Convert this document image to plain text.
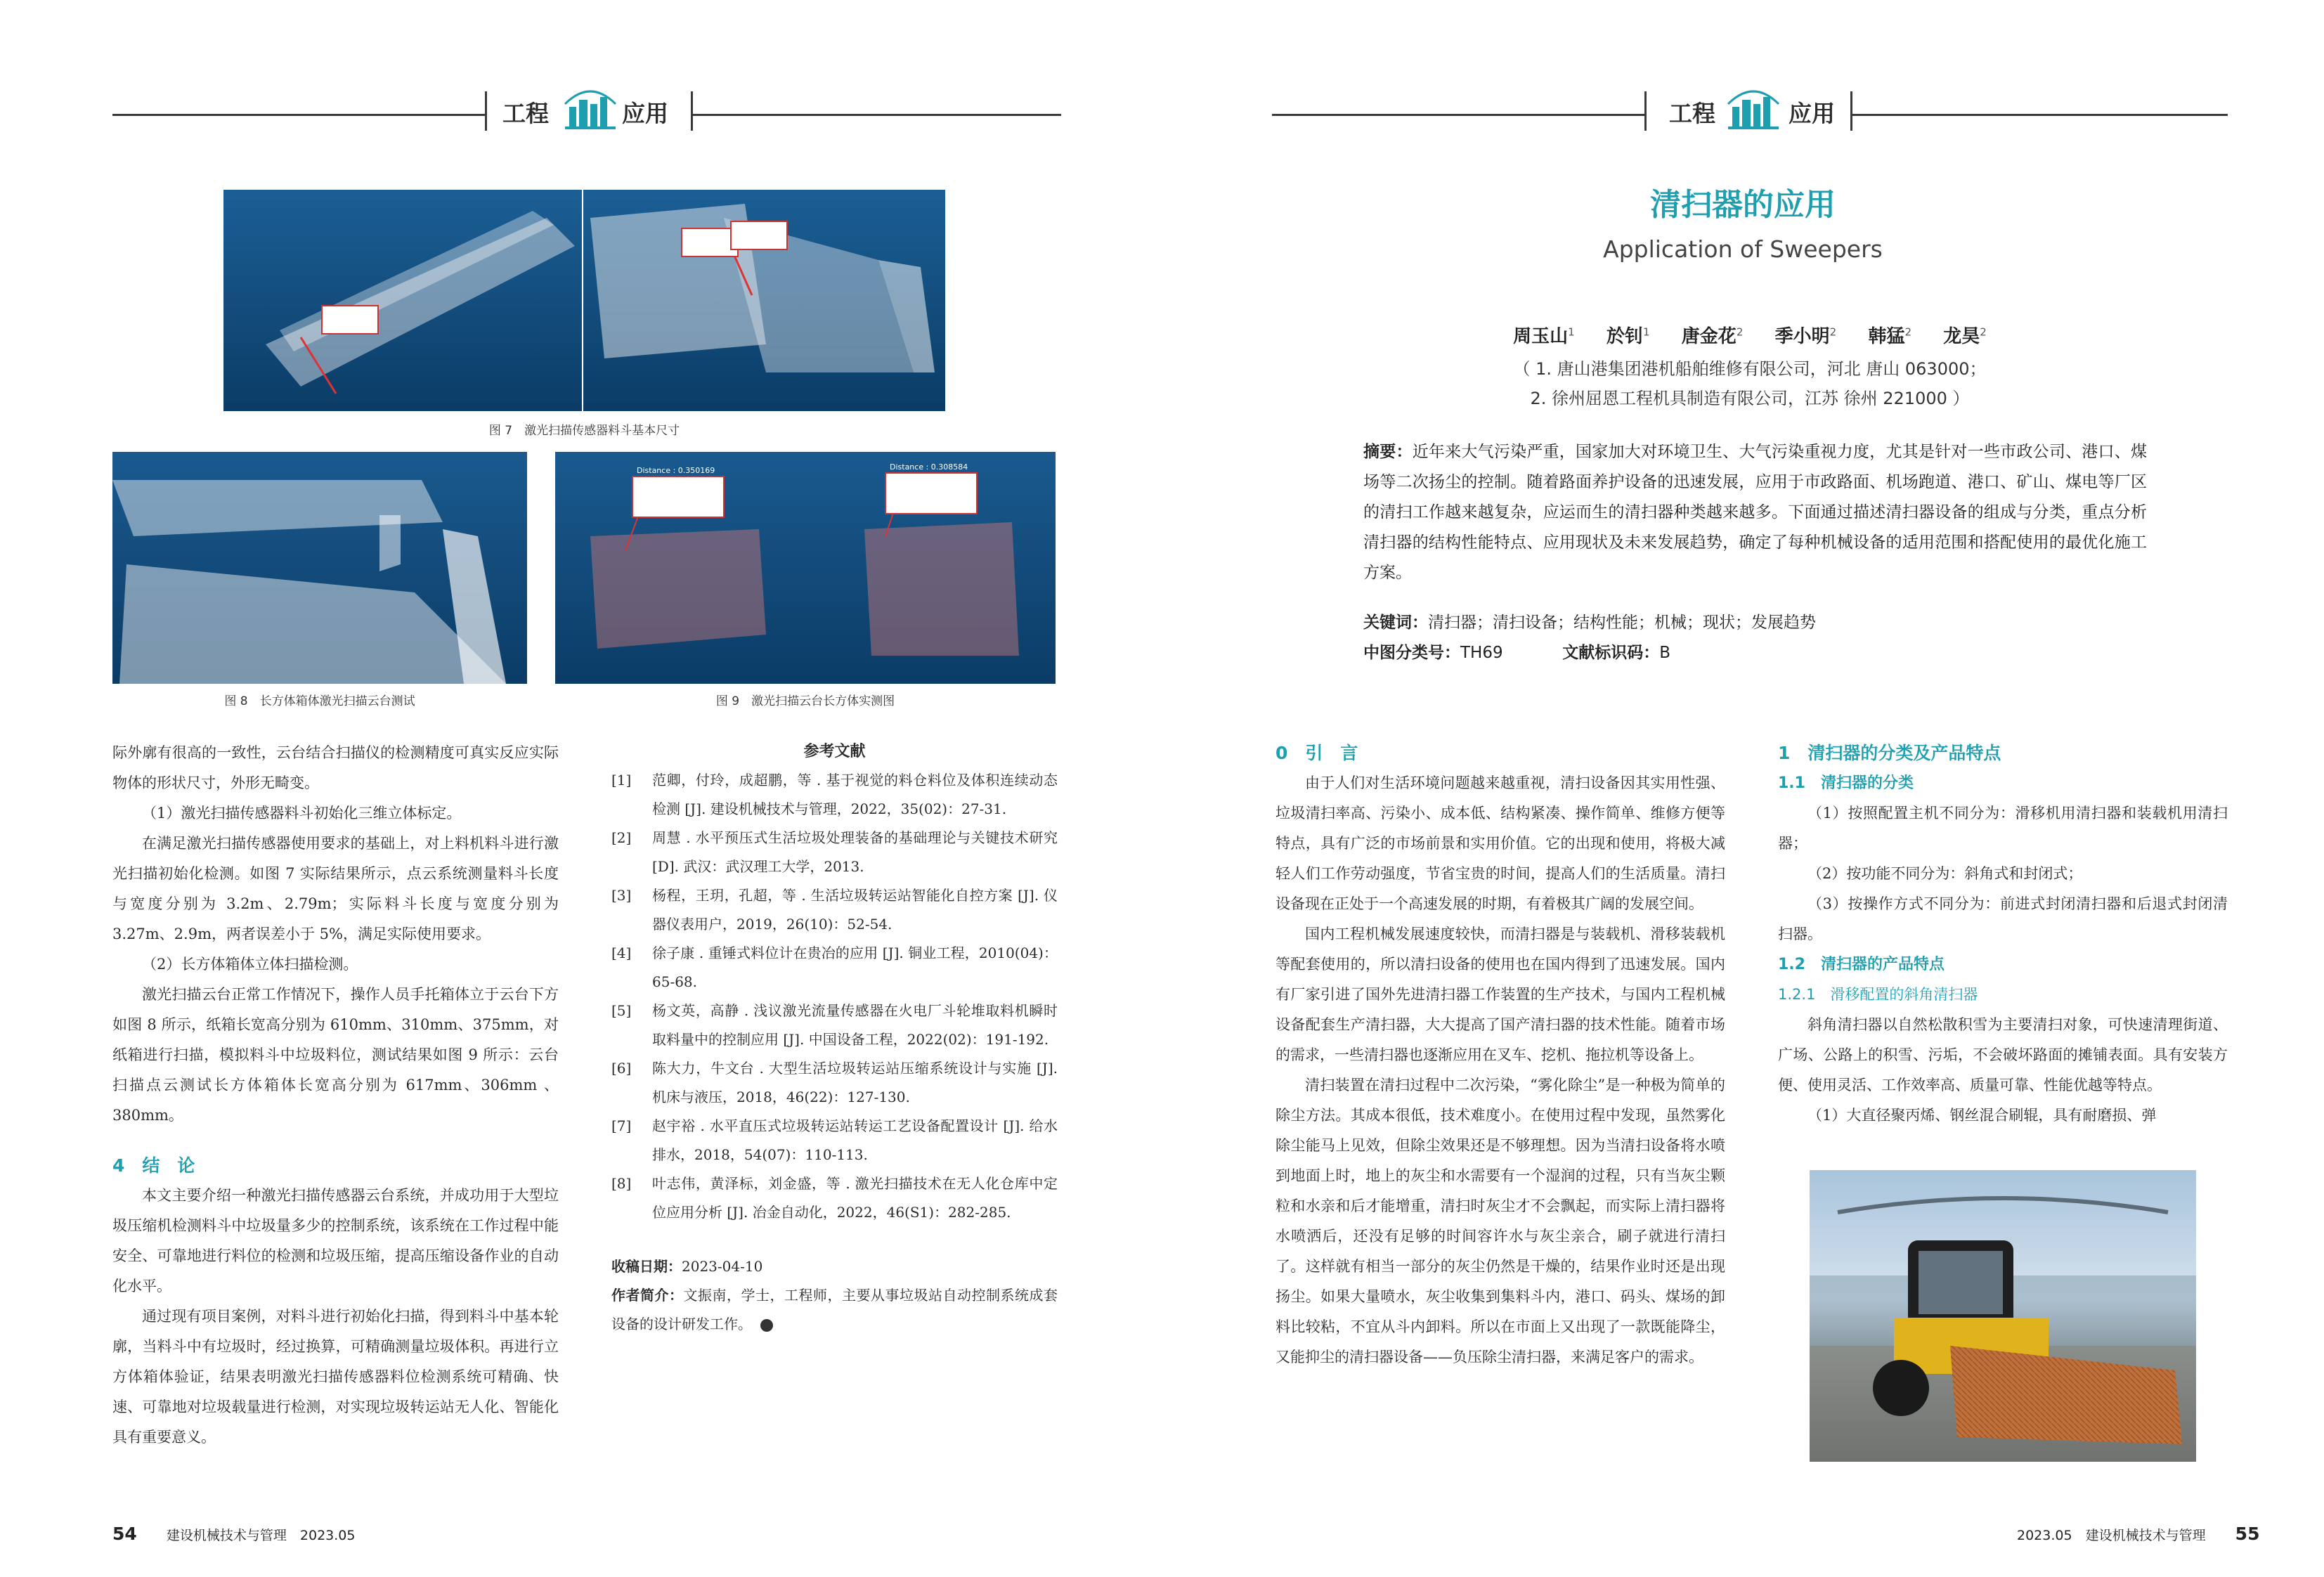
工程	应用	工程	应用
图 7　激光扫描传感器料斗基本尺寸
图 8　长方体箱体激光扫描云台测试
Distance : 0.350169	Distance : 0.308584
图 9　激光扫描云台长方体实测图

际外廓有很高的一致性，云台结合扫描仪的检测精度可真实反应实际物体的形状尺寸，外形无畸变。

（1）激光扫描传感器料斗初始化三维立体标定。

在满足激光扫描传感器使用要求的基础上，对上料机料斗进行激光扫描初始化检测。如图 7 实际结果所示，点云系统测量料斗长度与宽度分别为 3.2m、2.79m；实际料斗长度与宽度分别为 3.27m、2.9m，两者误差小于 5%，满足实际使用要求。

（2）长方体箱体立体扫描检测。

激光扫描云台正常工作情况下，操作人员手托箱体立于云台下方如图 8 所示，纸箱长宽高分别为 610mm、310mm、375mm，对纸箱进行扫描，模拟料斗中垃圾料位，测试结果如图 9 所示：云台扫描点云测试长方体箱体长宽高分别为 617mm、306mm 、380mm。

4　结　论

本文主要介绍一种激光扫描传感器云台系统，并成功用于大型垃圾压缩机检测料斗中垃圾量多少的控制系统，该系统在工作过程中能安全、可靠地进行料位的检测和垃圾压缩，提高压缩设备作业的自动化水平。

通过现有项目案例，对料斗进行初始化扫描，得到料斗中基本轮廓，当料斗中有垃圾时，经过换算，可精确测量垃圾体积。再进行立方体箱体验证，结果表明激光扫描传感器料位检测系统可精确、快速、可靠地对垃圾载量进行检测，对实现垃圾转运站无人化、智能化具有重要意义。

参考文献
[1]	范卿，付玲，成超鹏，等 . 基于视觉的料仓料位及体积连续动态检测 [J]. 建设机械技术与管理，2022，35(02)：27-31.
[2]	周慧 . 水平预压式生活垃圾处理装备的基础理论与关键技术研究 [D]. 武汉：武汉理工大学，2013.
[3]	杨程，王玥，孔超，等 . 生活垃圾转运站智能化自控方案 [J]. 仪器仪表用户，2019，26(10)：52-54.
[4]	徐子康 . 重锤式料位计在贵冶的应用 [J]. 铜业工程，2010(04)：65-68.
[5]	杨文英，高静 . 浅议激光流量传感器在火电厂斗轮堆取料机瞬时取料量中的控制应用 [J]. 中国设备工程，2022(02)：191-192.
[6]	陈大力，牛文台 . 大型生活垃圾转运站压缩系统设计与实施 [J]. 机床与液压，2018，46(22)：127-130.
[7]	赵宇裕 . 水平直压式垃圾转运站转运工艺设备配置设计 [J]. 给水排水，2018，54(07)：110-113.
[8]	叶志伟，黄泽标，刘金盛，等 . 激光扫描技术在无人化仓库中定位应用分析 [J]. 冶金自动化，2022，46(S1)：282-285.
收稿日期：2023-04-10
作者简介：文振南，学士，工程师，主要从事垃圾站自动控制系统成套设备的设计研发工作。
清扫器的应用
Application of Sweepers
周玉山$^1$ 於钊$^1$ 唐金花$^2$ 季小明$^2$ 韩猛$^2$ 龙昊$^2$
（ 1. 唐山港集团港机船舶维修有限公司，河北 唐山 063000；
2. 徐州屈恩工程机具制造有限公司，江苏 徐州 221000 ）
摘要：近年来大气污染严重，国家加大对环境卫生、大气污染重视力度，尤其是针对一些市政公司、港口、煤场等二次扬尘的控制。随着路面养护设备的迅速发展，应用于市政路面、机场跑道、港口、矿山、煤电等厂区的清扫工作越来越复杂，应运而生的清扫器种类越来越多。下面通过描述清扫器设备的组成与分类，重点分析清扫器的结构性能特点、应用现状及未来发展趋势，确定了每种机械设备的适用范围和搭配使用的最优化施工方案。
关键词：清扫器；清扫设备；结构性能；机械；现状；发展趋势
中图分类号：TH69	文献标识码：B

0　引　言

由于人们对生活环境问题越来越重视，清扫设备因其实用性强、垃圾清扫率高、污染小、成本低、结构紧凑、操作简单、维修方便等特点，具有广泛的市场前景和实用价值。它的出现和使用，将极大减轻人们工作劳动强度，节省宝贵的时间，提高人们的生活质量。清扫设备现在正处于一个高速发展的时期，有着极其广阔的发展空间。

国内工程机械发展速度较快，而清扫器是与装载机、滑移装载机等配套使用的，所以清扫设备的使用也在国内得到了迅速发展。国内有厂家引进了国外先进清扫器工作装置的生产技术，与国内工程机械设备配套生产清扫器，大大提高了国产清扫器的技术性能。随着市场的需求，一些清扫器也逐渐应用在叉车、挖机、拖拉机等设备上。

清扫装置在清扫过程中二次污染，“雾化除尘”是一种极为简单的除尘方法。其成本很低，技术难度小。在使用过程中发现，虽然雾化除尘能马上见效，但除尘效果还是不够理想。因为当清扫设备将水喷到地面上时，地上的灰尘和水需要有一个湿润的过程，只有当灰尘颗粒和水亲和后才能增重，清扫时灰尘才不会飘起，而实际上清扫器将水喷洒后，还没有足够的时间容许水与灰尘亲合，刷子就进行清扫了。这样就有相当一部分的灰尘仍然是干燥的，结果作业时还是出现扬尘。如果大量喷水，灰尘收集到集料斗内，港口、码头、煤场的卸料比较粘，不宜从斗内卸料。所以在市面上又出现了一款既能降尘，又能抑尘的清扫器设备——负压除尘清扫器，来满足客户的需求。

1　清扫器的分类及产品特点

1.1　清扫器的分类

（1）按照配置主机不同分为：滑移机用清扫器和装载机用清扫器；

（2）按功能不同分为：斜角式和封闭式；

（3）按操作方式不同分为：前进式封闭清扫器和后退式封闭清扫器。

1.2　清扫器的产品特点

1.2.1　滑移配置的斜角清扫器

斜角清扫器以自然松散积雪为主要清扫对象，可快速清理街道、广场、公路上的积雪、污垢，不会破坏路面的摊铺表面。具有安装方便、使用灵活、工作效率高、质量可靠、性能优越等特点。

（1）大直径聚丙烯、钢丝混合刷辊，具有耐磨损、弹

54 建设机械技术与管理　2023.05	2023.05　建设机械技术与管理 55
